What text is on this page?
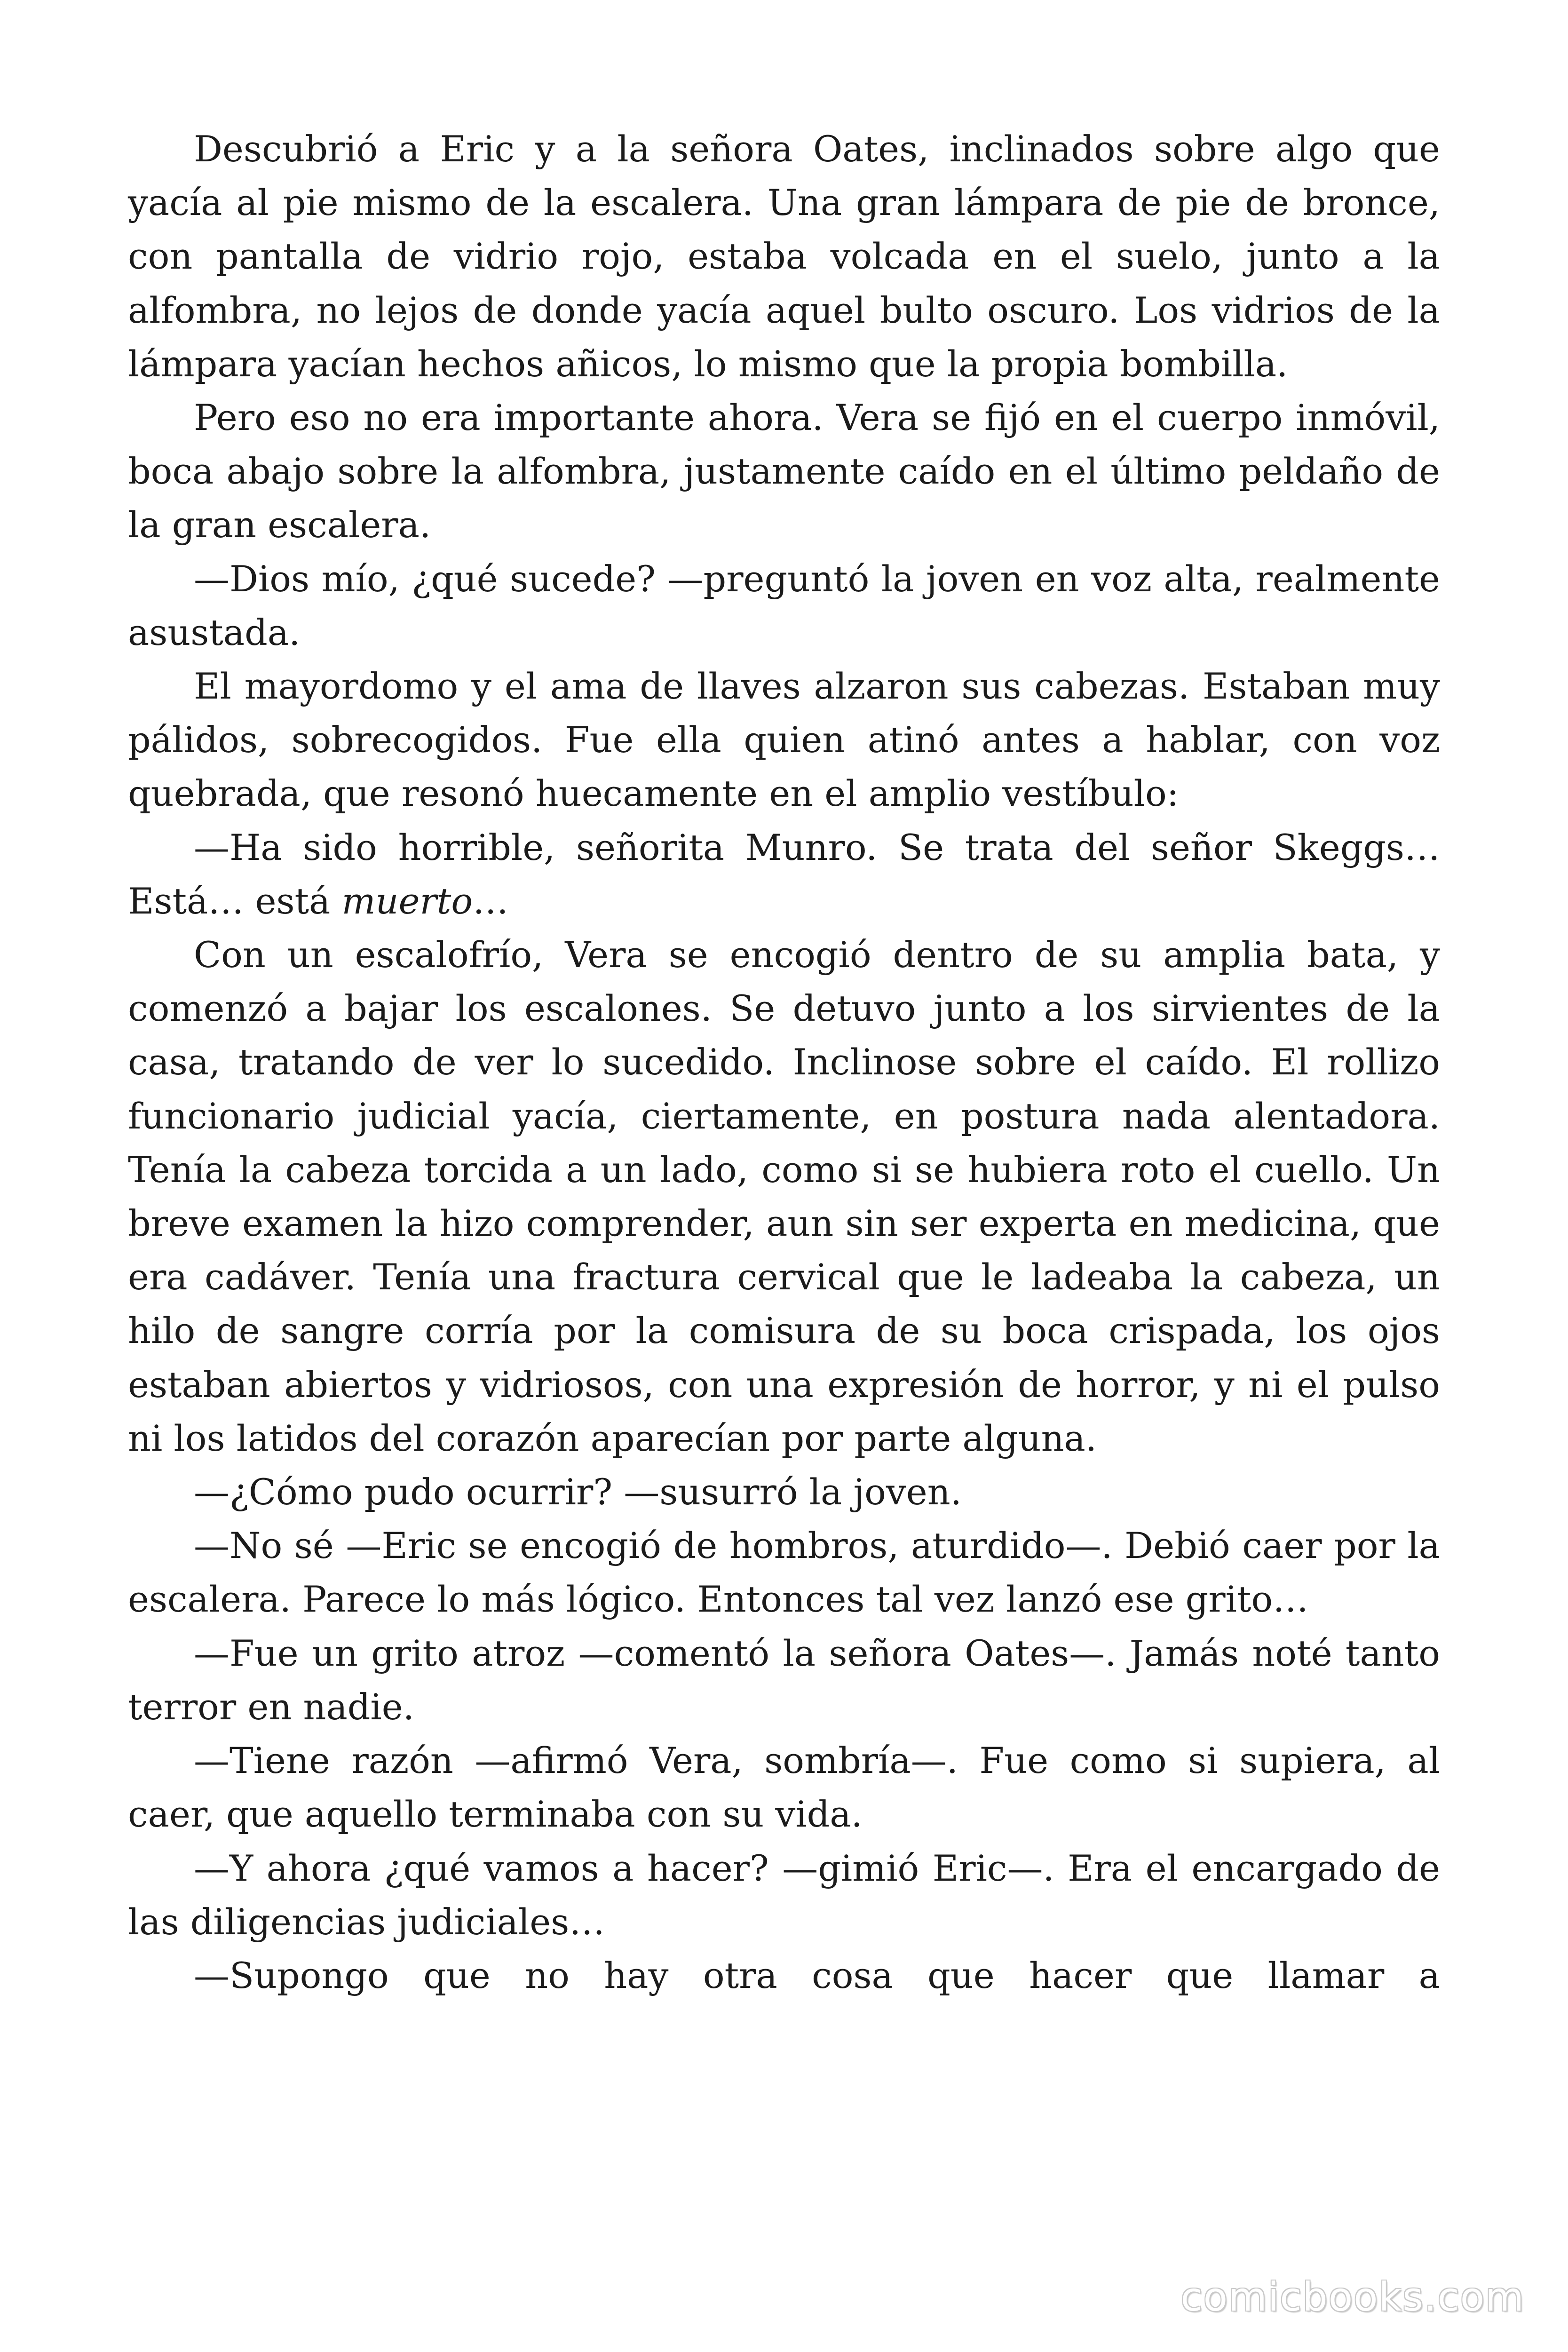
Descubrió a Eric y a la señora Oates, inclinados sobre algo que yacía al pie mismo de la escalera. Una gran lámpara de pie de bronce, con pantalla de vidrio rojo, estaba volcada en el suelo, junto a la alfombra, no lejos de donde yacía aquel bulto oscuro. Los vidrios de la lámpara yacían hechos añicos, lo mismo que la propia bombilla.

Pero eso no era importante ahora. Vera se fijó en el cuerpo inmóvil, boca abajo sobre la alfombra, justamente caído en el último peldaño de la gran escalera.

—Dios mío, ¿qué sucede? —preguntó la joven en voz alta, realmente asustada.

El mayordomo y el ama de llaves alzaron sus cabezas. Estaban muy pálidos, sobrecogidos. Fue ella quien atinó antes a hablar, con voz quebrada, que resonó huecamente en el amplio vestíbulo:

—Ha sido horrible, señorita Munro. Se trata del señor Skeggs… Está… está muerto…

Con un escalofrío, Vera se encogió dentro de su amplia bata, y comenzó a bajar los escalones. Se detuvo junto a los sirvientes de la casa, tratando de ver lo sucedido. Inclinose sobre el caído. El rollizo funcionario judicial yacía, ciertamente, en postura nada alentadora. Tenía la cabeza torcida a un lado, como si se hubiera roto el cuello. Un breve examen la hizo comprender, aun sin ser experta en medicina, que era cadáver. Tenía una fractura cervical que le ladeaba la cabeza, un hilo de sangre corría por la comisura de su boca crispada, los ojos estaban abiertos y vidriosos, con una expresión de horror, y ni el pulso ni los latidos del corazón aparecían por parte alguna.

—¿Cómo pudo ocurrir? —susurró la joven.

—No sé —Eric se encogió de hombros, aturdido—. Debió caer por la escalera. Parece lo más lógico. Entonces tal vez lanzó ese grito…

—Fue un grito atroz —comentó la señora Oates—. Jamás noté tanto terror en nadie.

—Tiene razón —afirmó Vera, sombría—. Fue como si supiera, al caer, que aquello terminaba con su vida.

—Y ahora ¿qué vamos a hacer? —gimió Eric—. Era el encargado de las diligencias judiciales…

—Supongo que no hay otra cosa que hacer que llamar a

comicbooks.com
